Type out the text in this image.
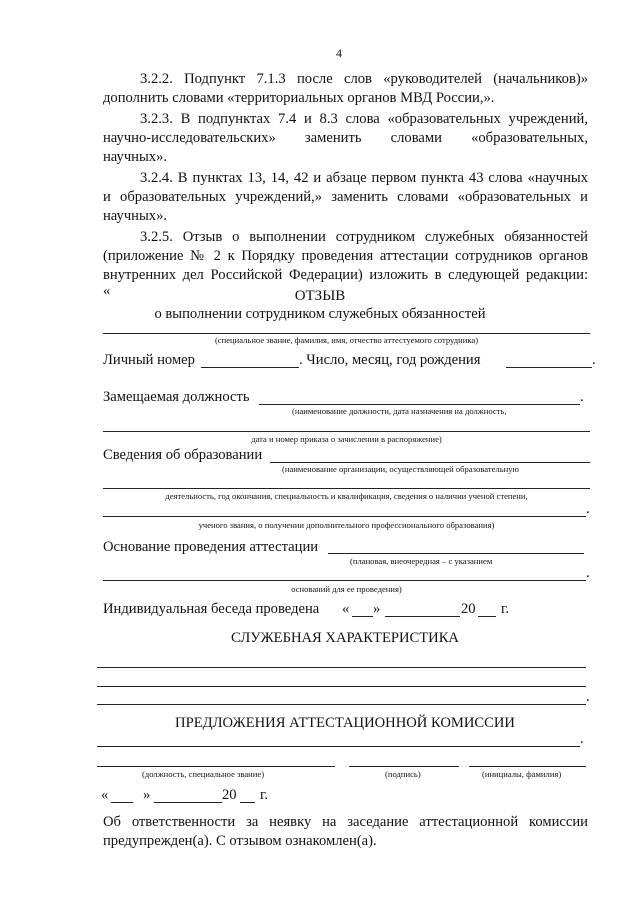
4
3.2.2. Подпункт 7.1.3 после слов «руководителей (начальников)»
дополнить словами «территориальных органов МВД России,».
3.2.3. В подпунктах 7.4 и 8.3 слова «образовательных учреждений,
научно-исследовательских» заменить словами «образовательных,
научных».
3.2.4. В пунктах 13, 14, 42 и абзаце первом пункта 43 слова «научных
и образовательных учреждений,» заменить словами «образовательных и
научных».
3.2.5. Отзыв о выполнении сотрудником служебных обязанностей
(приложение № 2 к Порядку проведения аттестации сотрудников органов
внутренних дел Российской Федерации) изложить в следующей редакции:
«	ОТЗЫВ
о выполнении сотрудником служебных обязанностей
(специальное звание, фамилия, имя, отчество аттестуемого сотрудника)
Личный номер	. Число, месяц, год рождения	.
Замещаемая должность	.
(наименование должности, дата назначения на должность,
дата и номер приказа о зачислении в распоряжение)
Сведения об образовании
(наименование организации, осуществляющей образовательную
деятельность, год окончания, специальность и квалификация, сведения о наличии ученой степени,
.
ученого звания, о получении дополнительного профессионального образования)
Основание проведения аттестации
(плановая, внеочередная – с указанием
.
оснований для ее проведения)
Индивидуальная беседа проведена « »	20 г.
СЛУЖЕБНАЯ ХАРАКТЕРИСТИКА
.
ПРЕДЛОЖЕНИЯ АТТЕСТАЦИОННОЙ КОМИССИИ
.
(должность, специальное звание)	(подпись)	(инициалы, фамилия)
« »	20 г.
Об ответственности за неявку на заседание аттестационной комиссии
предупрежден(а). С отзывом ознакомлен(а).
